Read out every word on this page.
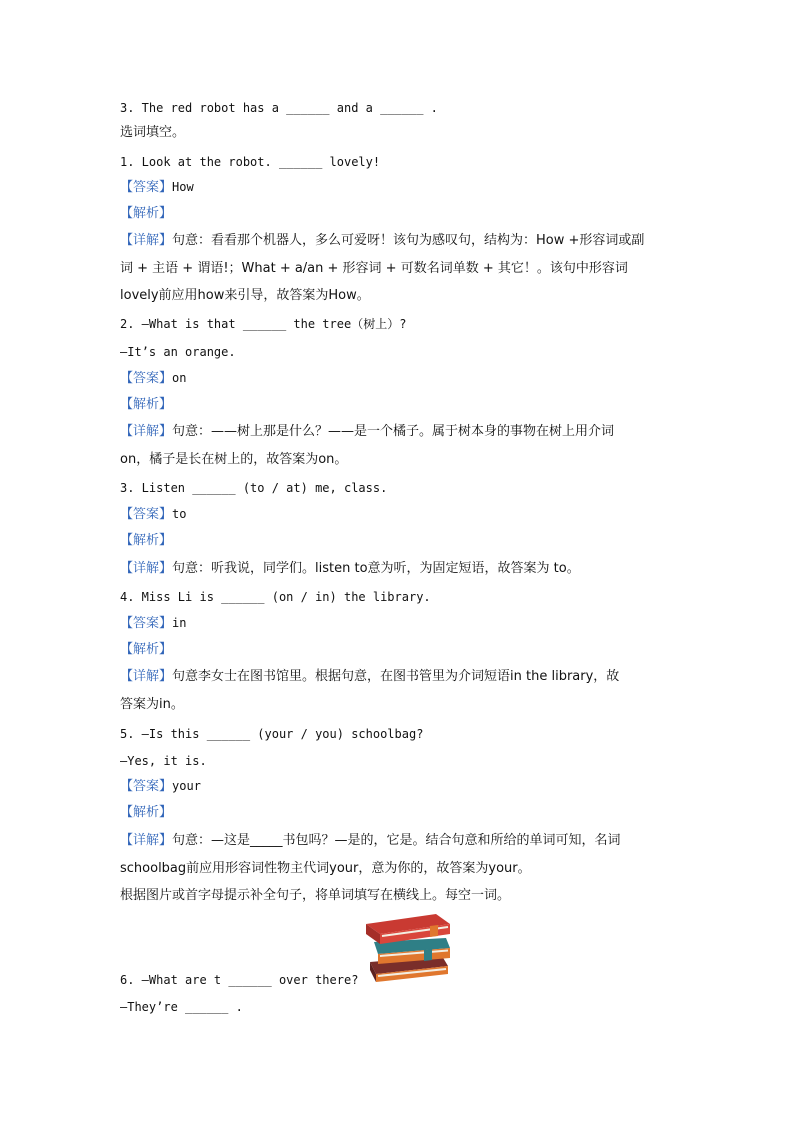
3. The red robot has a ______ and a ______ .
选词填空。
1. Look at the robot. ______ lovely!
【答案】How
【解析】
【详解】句意：看看那个机器人，多么可爱呀！该句为感叹句，结构为：How +形容词或副
词 + 主语 + 谓语!；What + a/an + 形容词 + 可数名词单数 + 其它！。该句中形容词
lovely前应用how来引导，故答案为How。
2. —What is that ______ the tree（树上）?
—It’s an orange.
【答案】on
【解析】
【详解】句意：——树上那是什么？——是一个橘子。属于树本身的事物在树上用介词
on，橘子是长在树上的，故答案为on。
3. Listen ______ (to / at) me, class.
【答案】to
【解析】
【详解】句意：听我说，同学们。listen to意为听，为固定短语，故答案为 to。
4. Miss Li is ______ (on / in) the library.
【答案】in
【解析】
【详解】句意李女士在图书馆里。根据句意，在图书管里为介词短语in the library，故
答案为in。
5. —Is this ______ (your / you) schoolbag?
—Yes, it is.
【答案】your
【解析】
【详解】句意：—这是_____书包吗？—是的，它是。结合句意和所给的单词可知，名词
schoolbag前应用形容词性物主代词your，意为你的，故答案为your。
根据图片或首字母提示补全句子，将单词填写在横线上。每空一词。
6. —What are t ______ over there?
—They’re ______ .
